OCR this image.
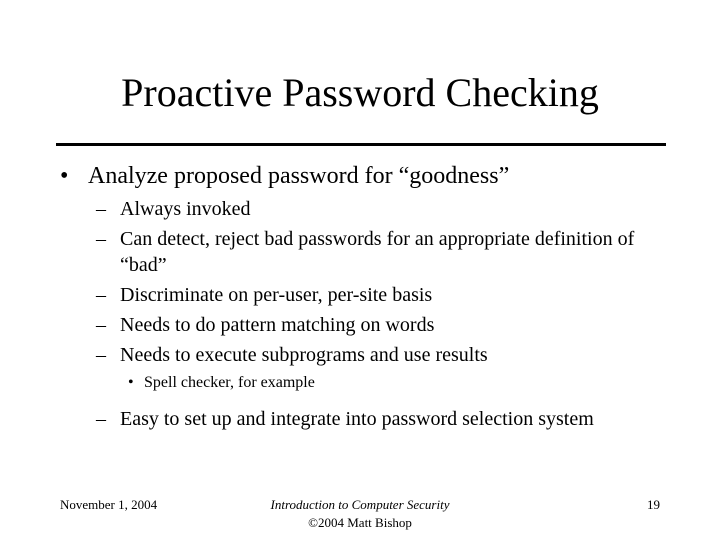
Proactive Password Checking
• Analyze proposed password for “goodness”
– Always invoked
– Can detect, reject bad passwords for an appropriate definition of “bad”
– Discriminate on per-user, per-site basis
– Needs to do pattern matching on words
– Needs to execute subprograms and use results
• Spell checker, for example
– Easy to set up and integrate into password selection system
November 1, 2004	Introduction to Computer Security
©2004 Matt Bishop
19
